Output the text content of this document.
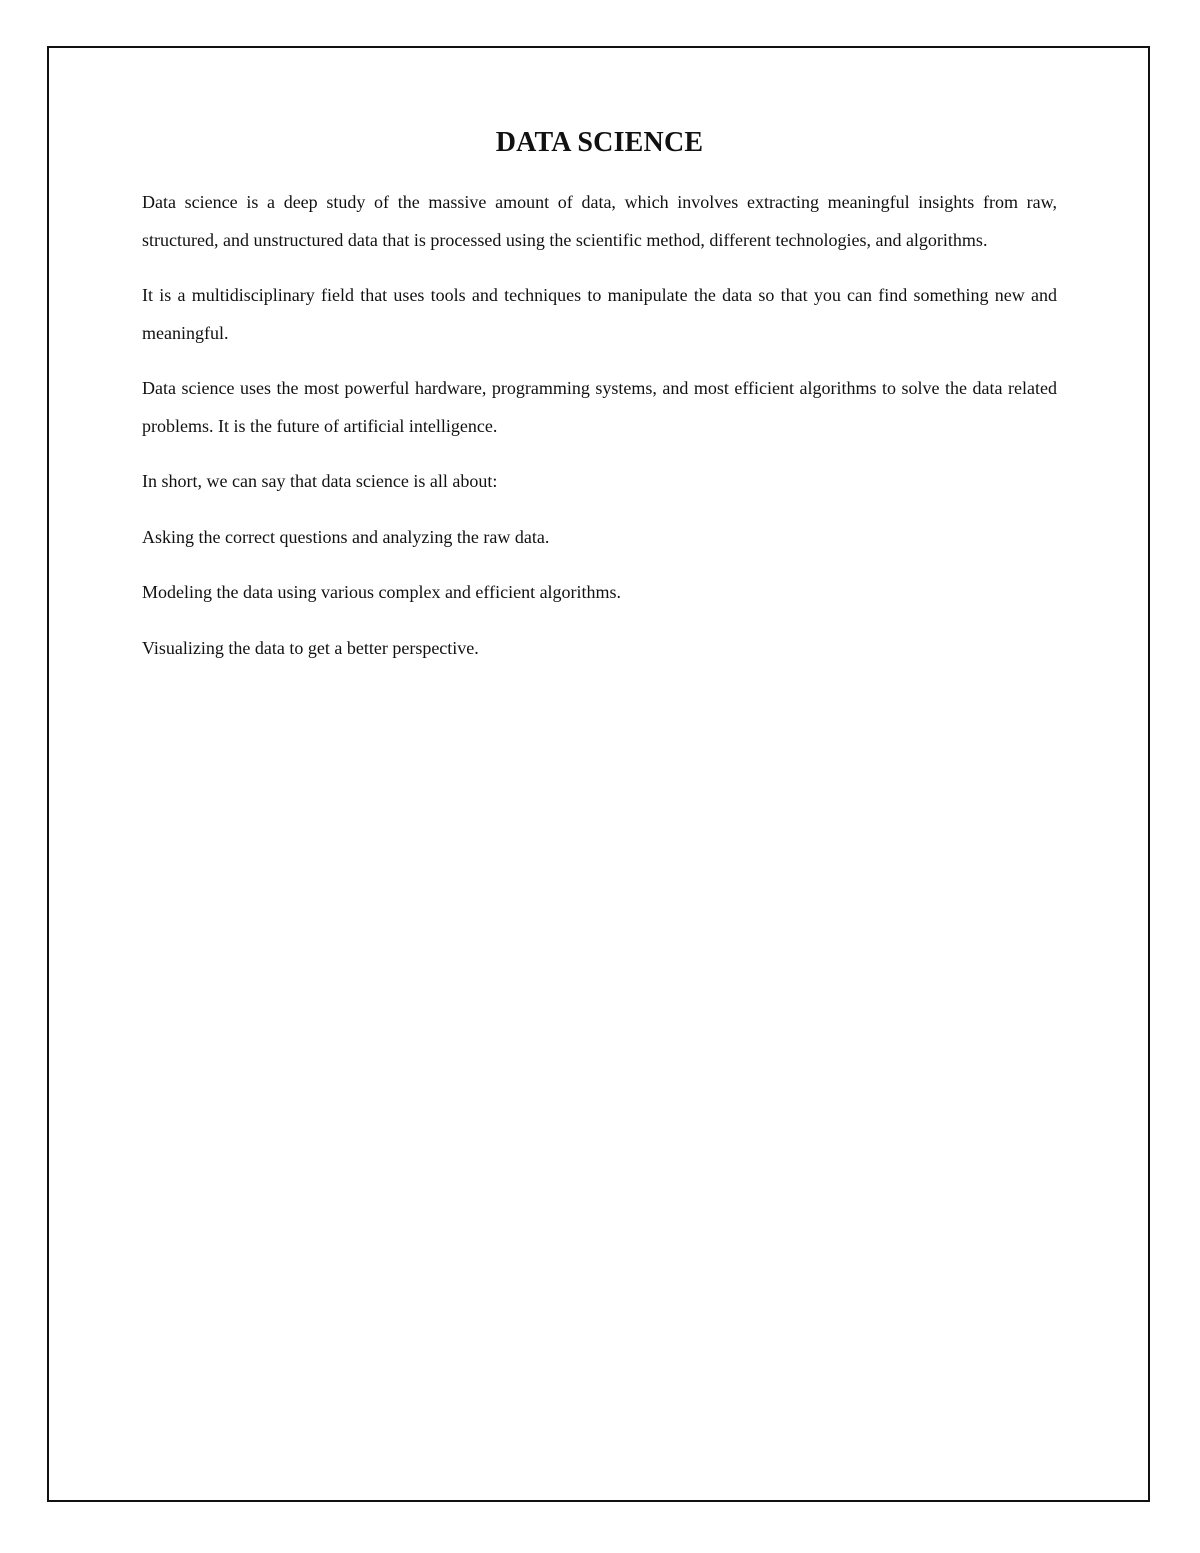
DATA SCIENCE

Data science is a deep study of the massive amount of data, which involves extracting meaningful insights from raw, structured, and unstructured data that is processed using the scientific method, different technologies, and algorithms.

It is a multidisciplinary field that uses tools and techniques to manipulate the data so that you can find something new and meaningful.

Data science uses the most powerful hardware, programming systems, and most efficient algorithms to solve the data related problems. It is the future of artificial intelligence.

In short, we can say that data science is all about:

Asking the correct questions and analyzing the raw data.

Modeling the data using various complex and efficient algorithms.

Visualizing the data to get a better perspective.
